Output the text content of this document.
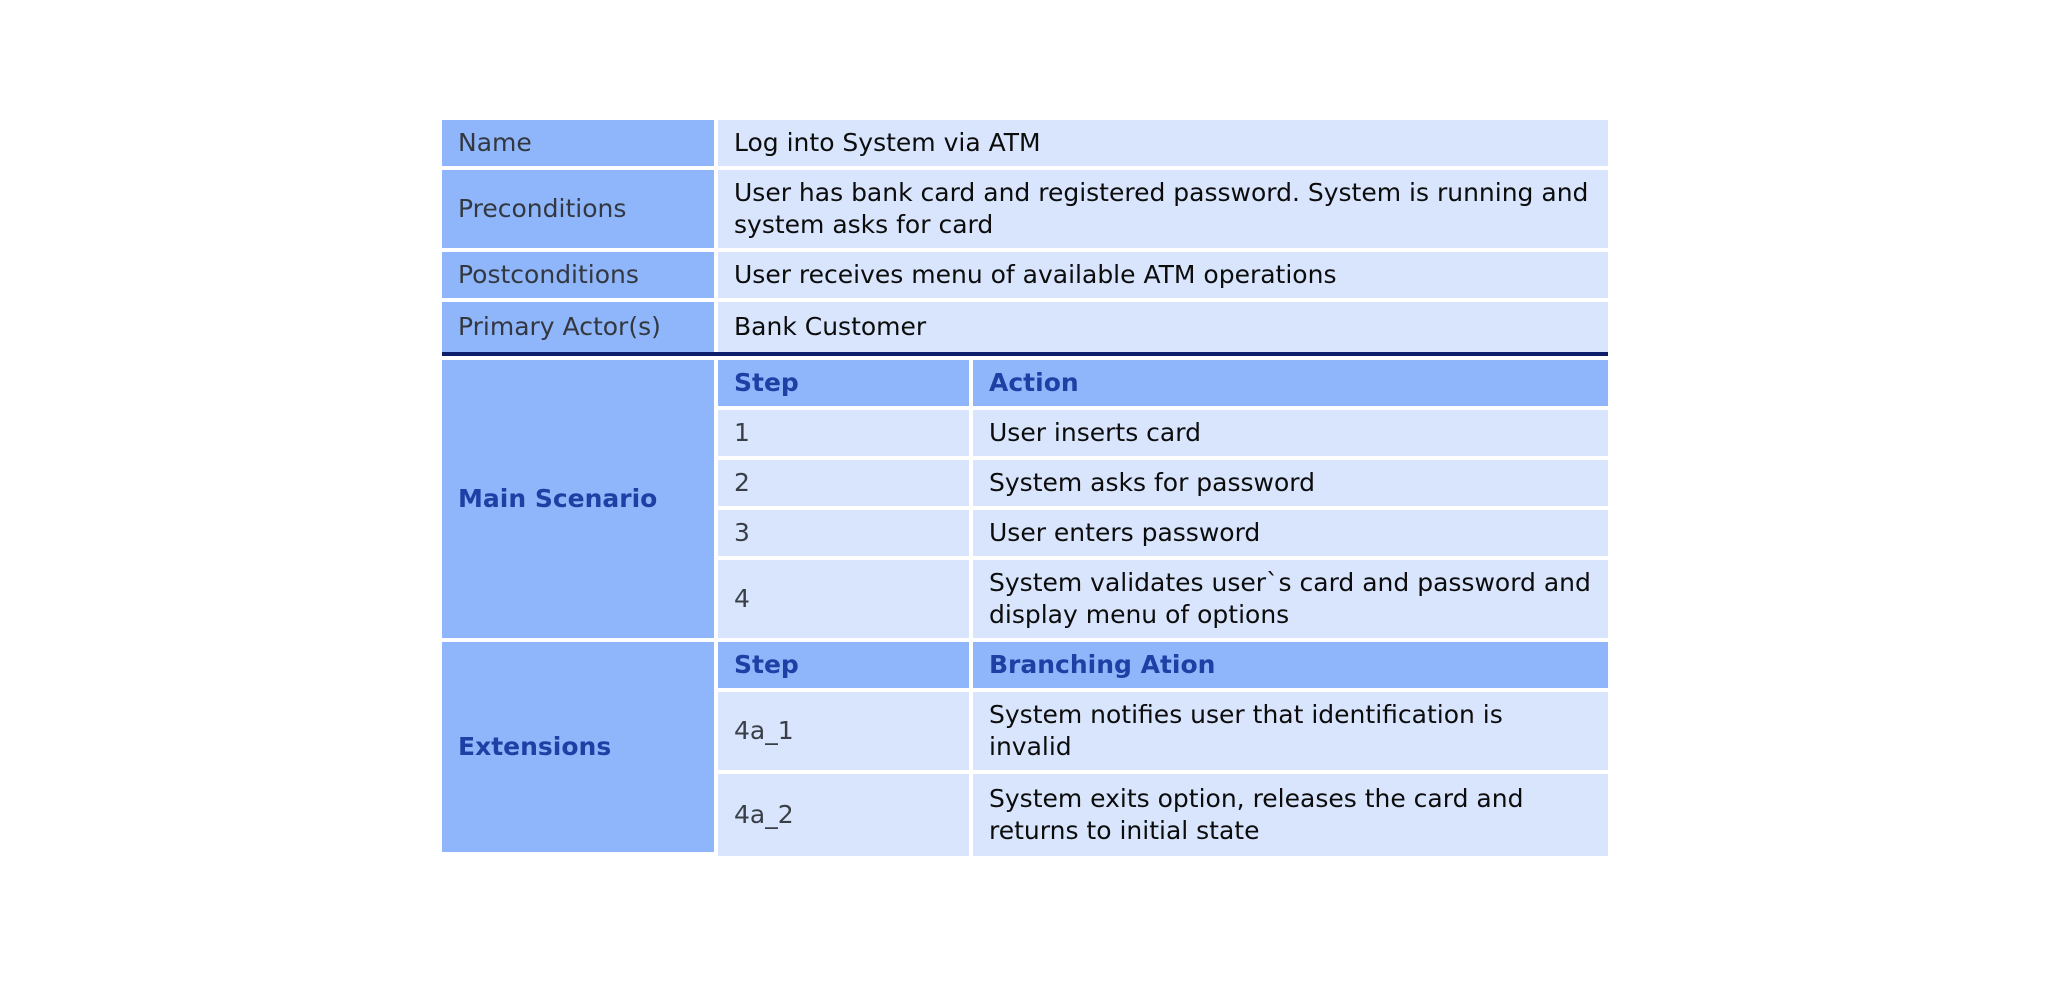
Name	Log into System via ATM	
Preconditions	User has bank card and registered password. System is running and system asks for card	
Postconditions	User receives menu of available ATM operations	
Primary Actor(s)	Bank Customer	

Main Scenario	Step	Action
	1	User inserts card
	2	System asks for password
	3	User enters password
	4	System validates user`s card and password and display menu of options
Extensions	Step	Branching Ation
	4a_1	System notifies user that identification is invalid
	4a_2	System exits option, releases the card and returns to initial state
